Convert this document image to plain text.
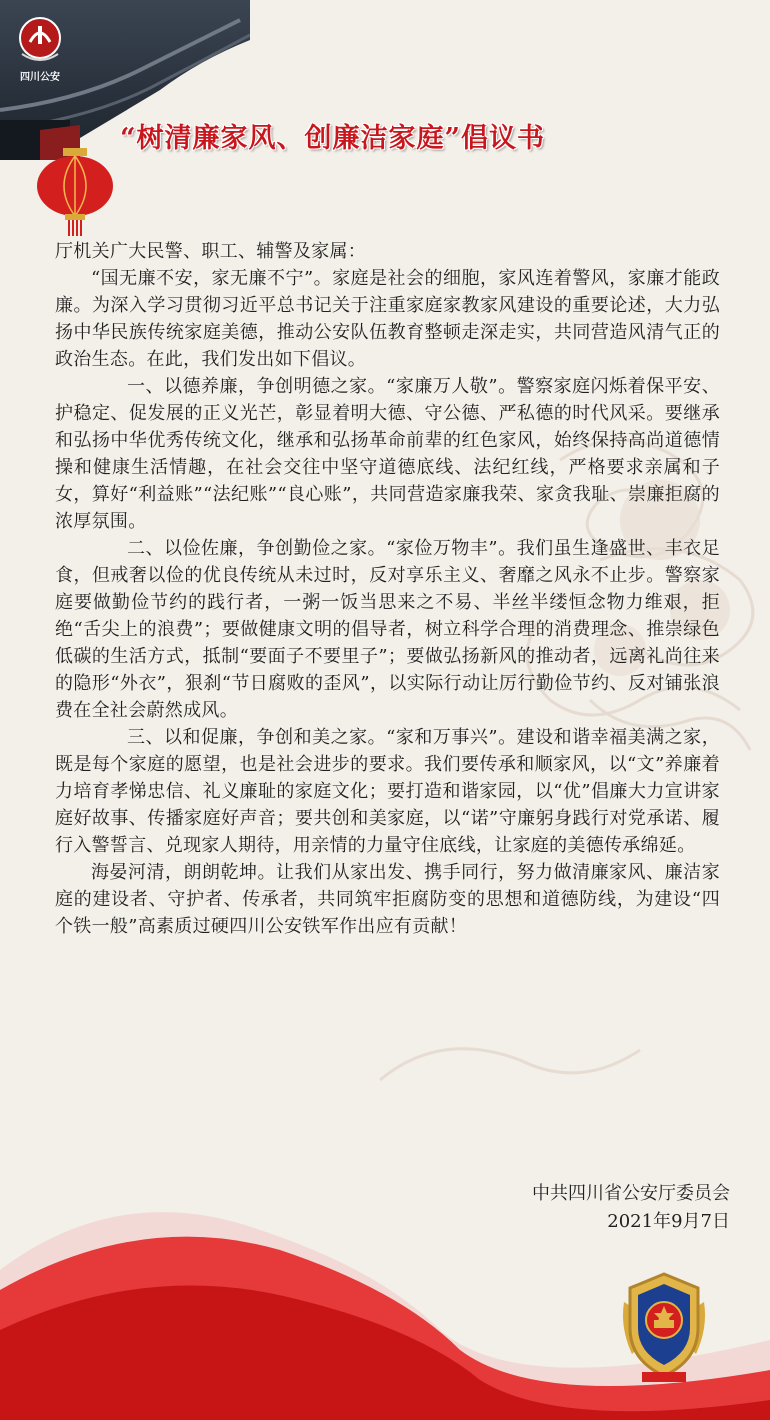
四川公安
“树清廉家风、创廉洁家庭”倡议书

厅机关广大民警、职工、辅警及家属：

“国无廉不安，家无廉不宁”。家庭是社会的细胞，家风连着警风，家廉才能政廉。为深入学习贯彻习近平总书记关于注重家庭家教家风建设的重要论述，大力弘扬中华民族传统家庭美德，推动公安队伍教育整顿走深走实，共同营造风清气正的政治生态。在此，我们发出如下倡议。

一、以德养廉，争创明德之家。“家廉万人敬”。警察家庭闪烁着保平安、护稳定、促发展的正义光芒，彰显着明大德、守公德、严私德的时代风采。要继承和弘扬中华优秀传统文化，继承和弘扬革命前辈的红色家风，始终保持高尚道德情操和健康生活情趣，在社会交往中坚守道德底线、法纪红线，严格要求亲属和子女，算好“利益账”“法纪账”“良心账”，共同营造家廉我荣、家贪我耻、崇廉拒腐的浓厚氛围。

二、以俭佐廉，争创勤俭之家。“家俭万物丰”。我们虽生逢盛世、丰衣足食，但戒奢以俭的优良传统从未过时，反对享乐主义、奢靡之风永不止步。警察家庭要做勤俭节约的践行者，一粥一饭当思来之不易、半丝半缕恒念物力维艰，拒绝“舌尖上的浪费”；要做健康文明的倡导者，树立科学合理的消费理念、推崇绿色低碳的生活方式，抵制“要面子不要里子”；要做弘扬新风的推动者，远离礼尚往来的隐形“外衣”，狠刹“节日腐败的歪风”，以实际行动让厉行勤俭节约、反对铺张浪费在全社会蔚然成风。

三、以和促廉，争创和美之家。“家和万事兴”。建设和谐幸福美满之家，既是每个家庭的愿望，也是社会进步的要求。我们要传承和顺家风，以“文”养廉着力培育孝悌忠信、礼义廉耻的家庭文化；要打造和谐家园，以“优”倡廉大力宣讲家庭好故事、传播家庭好声音；要共创和美家庭，以“诺”守廉躬身践行对党承诺、履行入警誓言、兑现家人期待，用亲情的力量守住底线，让家庭的美德传承绵延。

海晏河清，朗朗乾坤。让我们从家出发、携手同行，努力做清廉家风、廉洁家庭的建设者、守护者、传承者，共同筑牢拒腐防变的思想和道德防线，为建设“四个铁一般”高素质过硬四川公安铁军作出应有贡献！

中共四川省公安厅委员会
2021年9月7日
